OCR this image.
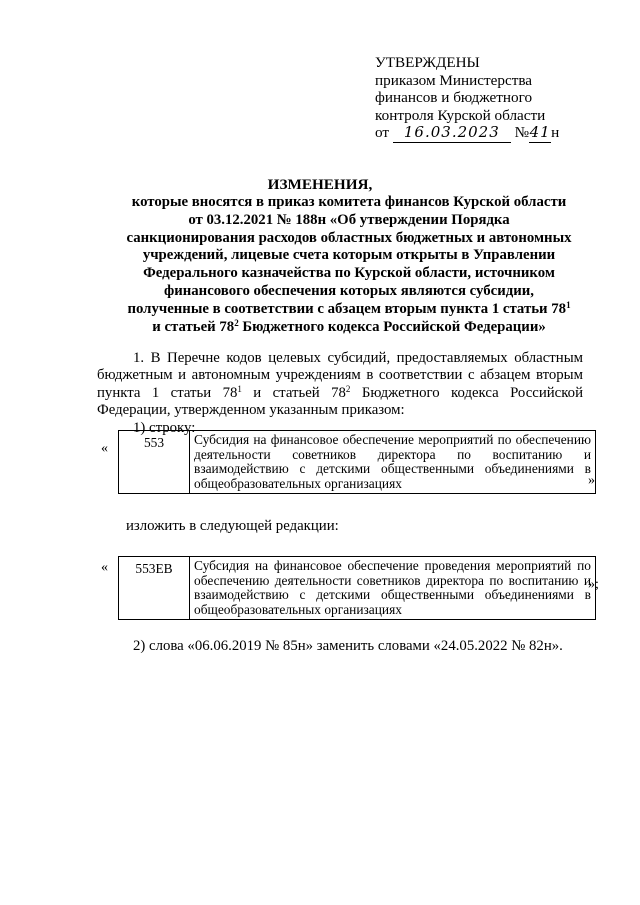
УТВЕРЖДЕНЫ
приказом Министерства
финансов и бюджетного
контроля Курской области
от 16.03.2023 №41н
ИЗМЕНЕНИЯ,
которые вносятся в приказ комитета финансов Курской области
от 03.12.2021 № 188н «Об утверждении Порядка
санкционирования расходов областных бюджетных и автономных
учреждений, лицевые счета которым открыты в Управлении
Федерального казначейства по Курской области, источником
финансового обеспечения которых являются субсидии,
полученные в соответствии с абзацем вторым пункта 1 статьи $78^1$
и статьей $78^2$ Бюджетного кодекса Российской Федерации»
1. В Перечне кодов целевых субсидий, предоставляемых областным бюджетным и автономным учреждениям в соответствии с абзацем вторым пункта 1 статьи $78^1$ и статьей $78^2$ Бюджетного кодекса Российской Федерации, утвержденном указанным приказом:
1) строку:
«	553	Субсидия на финансовое обеспечение мероприятий по обеспечению деятельности советников директора по воспитанию и взаимодействию с детскими общественными объединениями в общеобразовательных организациях	»
изложить в следующей редакции:
« 553ЕВ	Субсидия на финансовое обеспечение проведения мероприятий по обеспечению деятельности советников директора по воспитанию и взаимодействию с детскими общественными объединениями в общеобразовательных организациях
»;
2) слова «06.06.2019 № 85н» заменить словами «24.05.2022 № 82н».
